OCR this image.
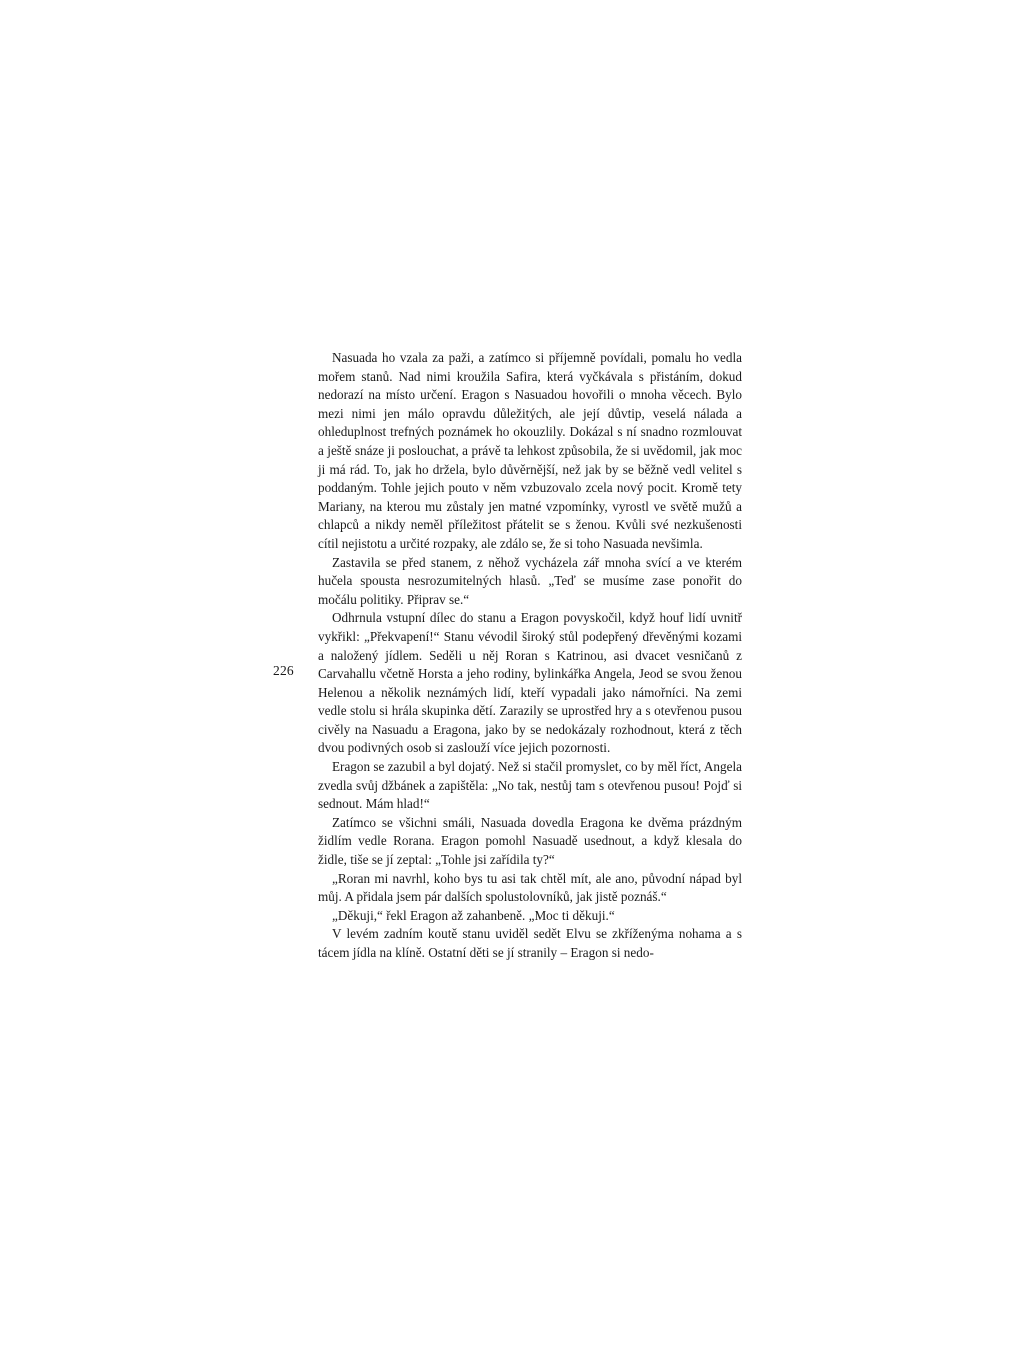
226

Nasuada ho vzala za paži, a zatímco si příjemně povídali, pomalu ho vedla mořem stanů. Nad nimi kroužila Safira, která vyčkávala s přistáním, dokud nedorazí na místo určení. Eragon s Nasuadou hovořili o mnoha věcech. Bylo mezi nimi jen málo opravdu důležitých, ale její důvtip, veselá nálada a ohleduplnost trefných poznámek ho okouzlily. Dokázal s ní snadno rozmlouvat a ještě snáze ji poslouchat, a právě ta lehkost způsobila, že si uvědomil, jak moc ji má rád. To, jak ho držela, bylo důvěrnější, než jak by se běžně vedl velitel s poddaným. Tohle jejich pouto v něm vzbuzovalo zcela nový pocit. Kromě tety Mariany, na kterou mu zůstaly jen matné vzpomínky, vyrostl ve světě mužů a chlapců a nikdy neměl příležitost přátelit se s ženou. Kvůli své nezkušenosti cítil nejistotu a určité rozpaky, ale zdálo se, že si toho Nasuada nevšimla.

Zastavila se před stanem, z něhož vycházela zář mnoha svící a ve kterém hučela spousta nesrozumitelných hlasů. „Teď se musíme zase ponořit do močálu politiky. Připrav se.“

Odhrnula vstupní dílec do stanu a Eragon povyskočil, když houf lidí uvnitř vykřikl: „Překvapení!“ Stanu vévodil široký stůl podepřený dřevěnými kozami a naložený jídlem. Seděli u něj Roran s Katrinou, asi dvacet vesničanů z Carvahallu včetně Horsta a jeho rodiny, bylinkářka Angela, Jeod se svou ženou Helenou a několik neznámých lidí, kteří vypadali jako námořníci. Na zemi vedle stolu si hrála skupinka dětí. Zarazily se uprostřed hry a s otevřenou pusou civěly na Nasuadu a Eragona, jako by se nedokázaly rozhodnout, která z těch dvou podivných osob si zaslouží více jejich pozornosti.

Eragon se zazubil a byl dojatý. Než si stačil promyslet, co by měl říct, Angela zvedla svůj džbánek a zapištěla: „No tak, nestůj tam s otevřenou pusou! Pojď si sednout. Mám hlad!“

Zatímco se všichni smáli, Nasuada dovedla Eragona ke dvěma prázdným židlím vedle Rorana. Eragon pomohl Nasuadě usednout, a když klesala do židle, tiše se jí zeptal: „Tohle jsi zařídila ty?“

„Roran mi navrhl, koho bys tu asi tak chtěl mít, ale ano, původní nápad byl můj. A přidala jsem pár dalších spolustolovníků, jak jistě poznáš.“

„Děkuji,“ řekl Eragon až zahanbeně. „Moc ti děkuji.“

V levém zadním koutě stanu uviděl sedět Elvu se zkříženýma nohama a s tácem jídla na klíně. Ostatní děti se jí stranily – Eragon si nedo-
